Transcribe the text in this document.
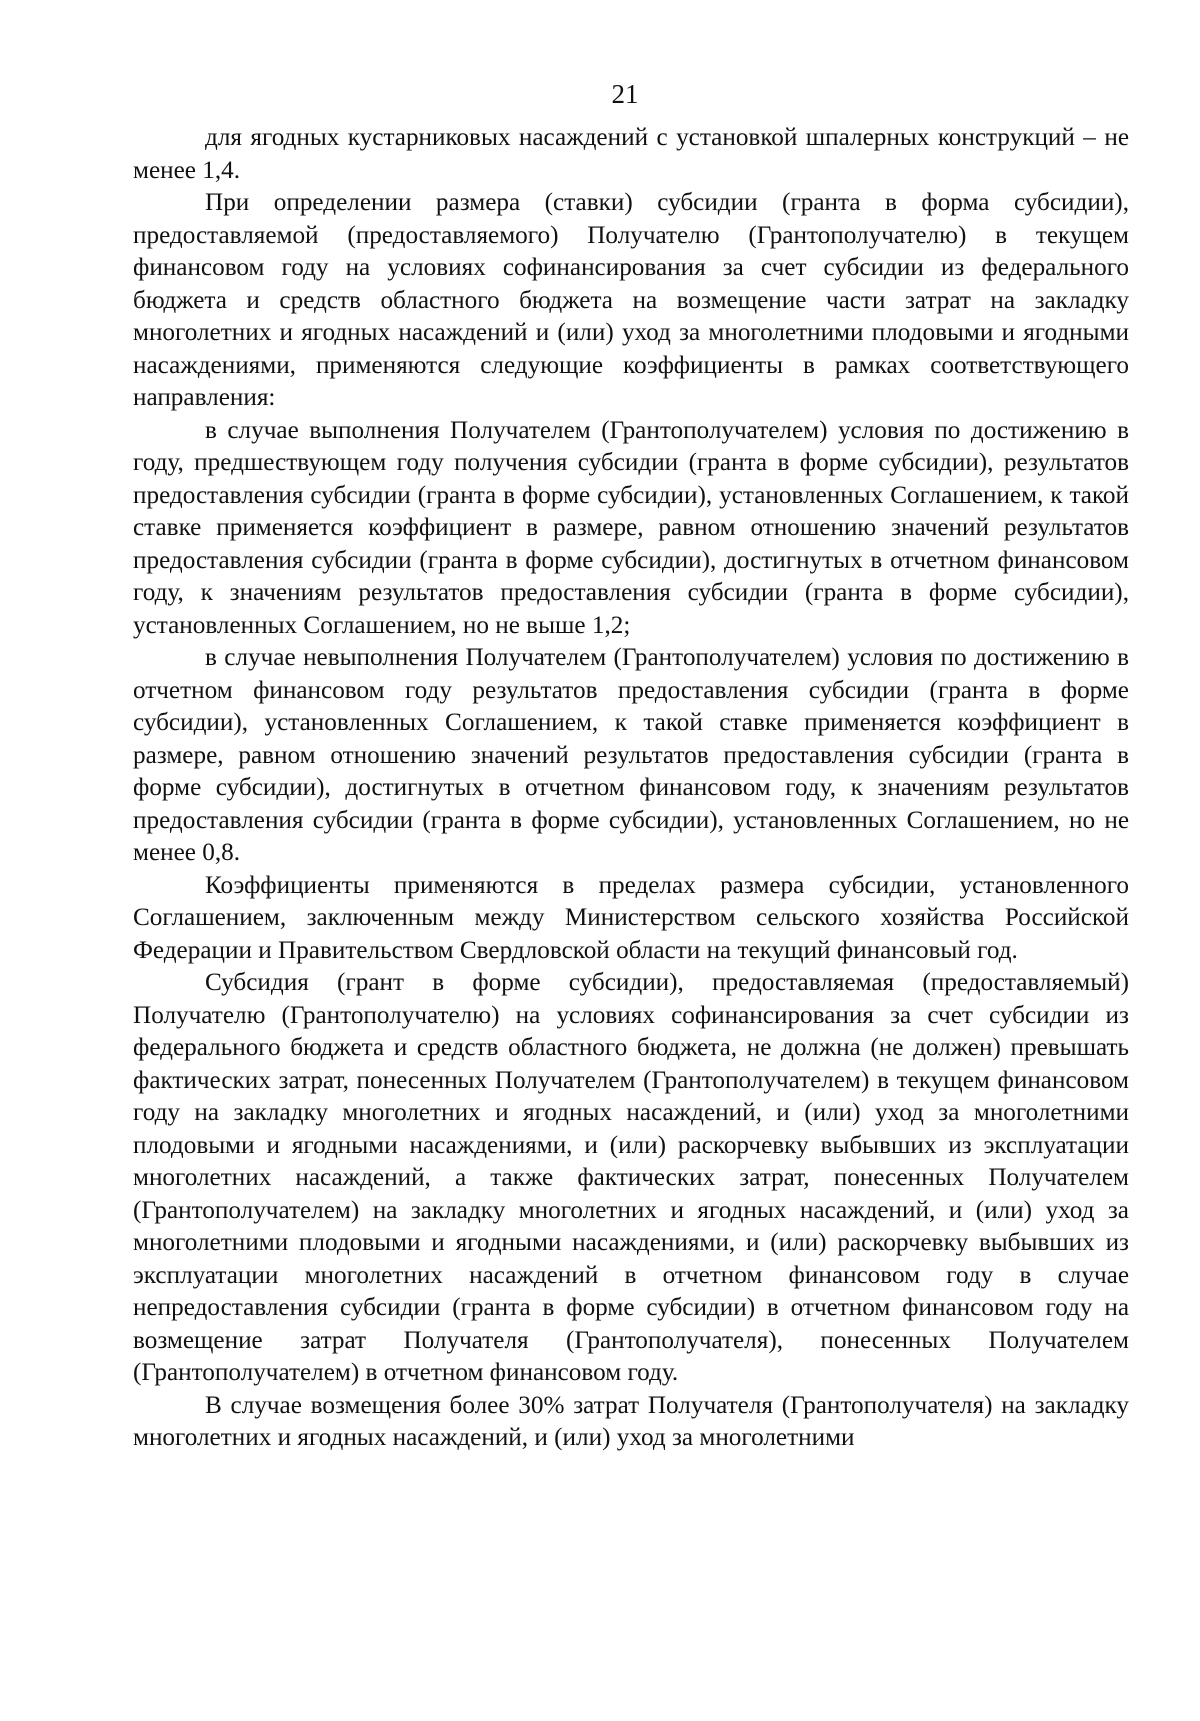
21

для ягодных кустарниковых насаждений с установкой шпалерных конструкций – не менее 1,4.

При определении размера (ставки) субсидии (гранта в форма субсидии), предоставляемой (предоставляемого) Получателю (Грантополучателю) в текущем финансовом году на условиях софинансирования за счет субсидии из федерального бюджета и средств областного бюджета на возмещение части затрат на закладку многолетних и ягодных насаждений и (или) уход за многолетними плодовыми и ягодными насаждениями, применяются следующие коэффициенты в рамках соответствующего направления:

в случае выполнения Получателем (Грантополучателем) условия по достижению в году, предшествующем году получения субсидии (гранта в форме субсидии), результатов предоставления субсидии (гранта в форме субсидии), установленных Соглашением, к такой ставке применяется коэффициент в размере, равном отношению значений результатов предоставления субсидии (гранта в форме субсидии), достигнутых в отчетном финансовом году, к значениям результатов предоставления субсидии (гранта в форме субсидии), установленных Соглашением, но не выше 1,2;

в случае невыполнения Получателем (Грантополучателем) условия по достижению в отчетном финансовом году результатов предоставления субсидии (гранта в форме субсидии), установленных Соглашением, к такой ставке применяется коэффициент в размере, равном отношению значений результатов предоставления субсидии (гранта в форме субсидии), достигнутых в отчетном финансовом году, к значениям результатов предоставления субсидии (гранта в форме субсидии), установленных Соглашением, но не менее 0,8.

Коэффициенты применяются в пределах размера субсидии, установленного Соглашением, заключенным между Министерством сельского хозяйства Российской Федерации и Правительством Свердловской области на текущий финансовый год.

Субсидия (грант в форме субсидии), предоставляемая (предоставляемый) Получателю (Грантополучателю) на условиях софинансирования за счет субсидии из федерального бюджета и средств областного бюджета, не должна (не должен) превышать фактических затрат, понесенных Получателем (Грантополучателем) в текущем финансовом году на закладку многолетних и ягодных насаждений, и (или) уход за многолетними плодовыми и ягодными насаждениями, и (или) раскорчевку выбывших из эксплуатации многолетних насаждений, а также фактических затрат, понесенных Получателем (Грантополучателем) на закладку многолетних и ягодных насаждений, и (или) уход за многолетними плодовыми и ягодными насаждениями, и (или) раскорчевку выбывших из эксплуатации многолетних насаждений в отчетном финансовом году в случае непредоставления субсидии (гранта в форме субсидии) в отчетном финансовом году на возмещение затрат Получателя (Грантополучателя), понесенных Получателем (Грантополучателем) в отчетном финансовом году.

В случае возмещения более 30% затрат Получателя (Грантополучателя) на закладку многолетних и ягодных насаждений, и (или) уход за многолетними
